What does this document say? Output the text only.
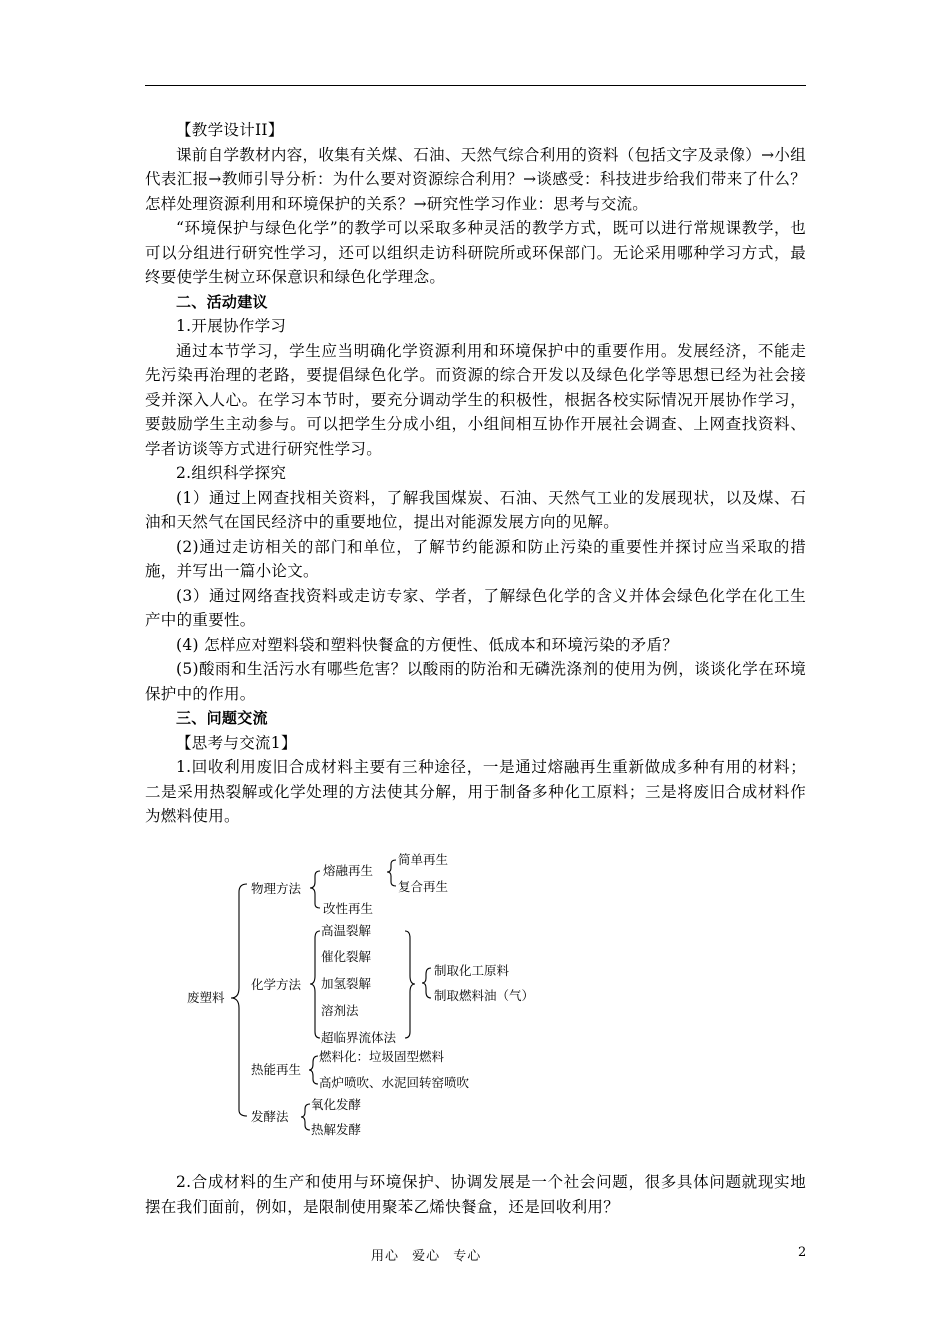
【教学设计II】

课前自学教材内容，收集有关煤、石油、天然气综合利用的资料（包括文字及录像）→小组代表汇报→教师引导分析：为什么要对资源综合利用？→谈感受：科技进步给我们带来了什么？怎样处理资源利用和环境保护的关系？→研究性学习作业：思考与交流。

“环境保护与绿色化学”的教学可以采取多种灵活的教学方式，既可以进行常规课教学，也可以分组进行研究性学习，还可以组织走访科研院所或环保部门。无论采用哪种学习方式，最终要使学生树立环保意识和绿色化学理念。

二、活动建议

1.开展协作学习

通过本节学习，学生应当明确化学资源利用和环境保护中的重要作用。发展经济，不能走先污染再治理的老路，要提倡绿色化学。而资源的综合开发以及绿色化学等思想已经为社会接受并深入人心。在学习本节时，要充分调动学生的积极性，根据各校实际情况开展协作学习，要鼓励学生主动参与。可以把学生分成小组，小组间相互协作开展社会调查、上网查找资料、学者访谈等方式进行研究性学习。

2.组织科学探究

(1）通过上网查找相关资料，了解我国煤炭、石油、天然气工业的发展现状，以及煤、石油和天然气在国民经济中的重要地位，提出对能源发展方向的见解。

(2)通过走访相关的部门和单位，了解节约能源和防止污染的重要性并探讨应当采取的措施，并写出一篇小论文。

(3）通过网络查找资料或走访专家、学者，了解绿色化学的含义并体会绿色化学在化工生产中的重要性。

(4) 怎样应对塑料袋和塑料快餐盒的方便性、低成本和环境污染的矛盾？

(5)酸雨和生活污水有哪些危害？以酸雨的防治和无磷洗涤剂的使用为例，谈谈化学在环境保护中的作用。

三、问题交流

【思考与交流1】

1.回收利用废旧合成材料主要有三种途径，一是通过熔融再生重新做成多种有用的材料；二是采用热裂解或化学处理的方法使其分解，用于制备多种化工原料；三是将废旧合成材料作为燃料使用。

废塑料
物理方法
熔融再生
简单再生
复合再生
改性再生
化学方法
高温裂解
催化裂解
加氢裂解
溶剂法
超临界流体法
制取化工原料
制取燃料油（气）
热能再生
燃料化：垃圾固型燃料
高炉喷吹、水泥回转窑喷吹
发酵法
氧化发酵
热解发酵

2.合成材料的生产和使用与环境保护、协调发展是一个社会问题，很多具体问题就现实地摆在我们面前，例如，是限制使用聚苯乙烯快餐盒，还是回收利用？

用心 爱心 专心	2
